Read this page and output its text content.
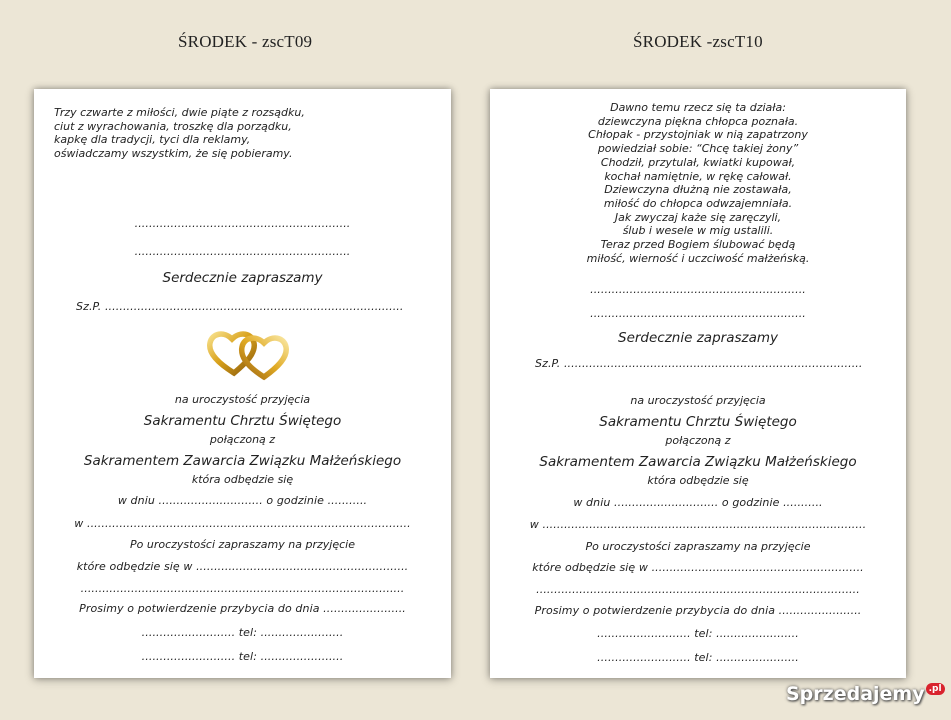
ŚRODEK - zscT09	ŚRODEK -zscT10
Trzy czwarte z miłości, dwie piąte z rozsądku,
ciut z wyrachowania, troszkę dla porządku,
kapkę dla tradycji, tyci dla reklamy,
oświadczamy wszystkim, że się pobieramy.
............................................................
............................................................
Serdecznie zapraszamy
Sz.P. ...................................................................................
na uroczystość przyjęcia
Sakramentu Chrztu Świętego
połączoną z
Sakramentem Zawarcia Związku Małżeńskiego
która odbędzie się
w dniu ............................. o godzinie ...........
w ..........................................................................................
Po uroczystości zapraszamy na przyjęcie
które odbędzie się w ...........................................................
..........................................................................................
Prosimy o potwierdzenie przybycia do dnia .......................
.......................... tel: .......................
.......................... tel: .......................
Dawno temu rzecz się ta działa:
dziewczyna piękna chłopca poznała.
Chłopak - przystojniak w nią zapatrzony
powiedział sobie: “Chcę takiej żony”
Chodził, przytulał, kwiatki kupował,
kochał namiętnie, w rękę całował.
Dziewczyna dłużną nie zostawała,
miłość do chłopca odwzajemniała.
Jak zwyczaj każe się zaręczyli,
ślub i wesele w mig ustalili.
Teraz przed Bogiem ślubować będą
miłość, wierność i uczciwość małżeńską.
............................................................
............................................................
Serdecznie zapraszamy
Sz.P. ...................................................................................
na uroczystość przyjęcia
Sakramentu Chrztu Świętego
połączoną z
Sakramentem Zawarcia Związku Małżeńskiego
która odbędzie się
w dniu ............................. o godzinie ...........
w ..........................................................................................
Po uroczystości zapraszamy na przyjęcie
które odbędzie się w ...........................................................
..........................................................................................
Prosimy o potwierdzenie przybycia do dnia .......................
.......................... tel: .......................
.......................... tel: .......................
Sprzedajemy .pl
